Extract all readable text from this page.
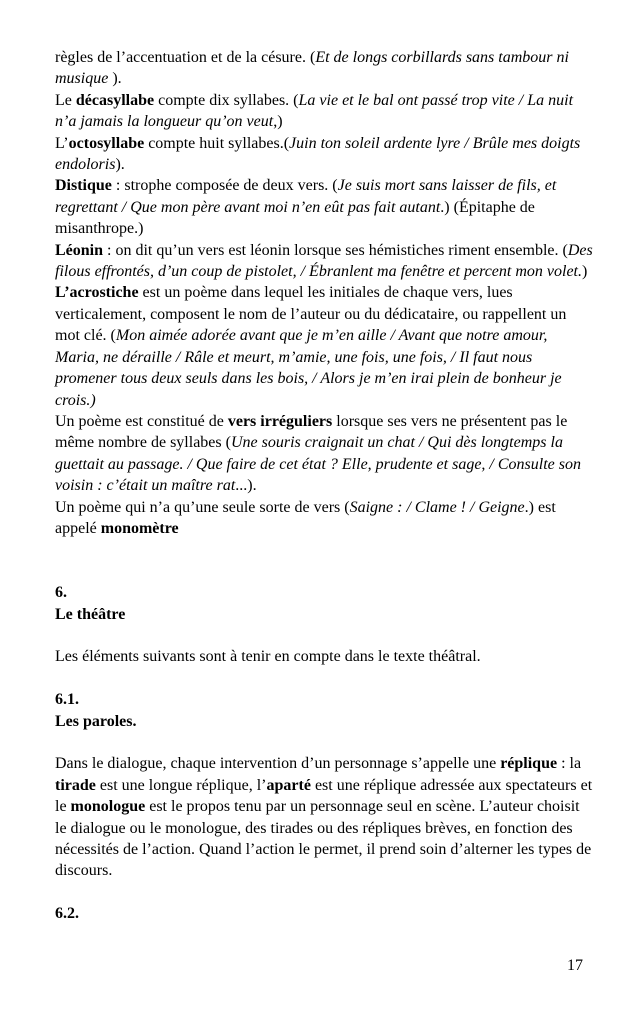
règles de l’accentuation et de la césure. (Et de longs corbillards sans tambour ni musique ).

Le décasyllabe compte dix syllabes. (La vie et le bal ont passé trop vite / La nuit n’a jamais la longueur qu’on veut,)

L’octosyllabe compte huit syllabes.(Juin ton soleil ardente lyre / Brûle mes doigts endoloris).

Distique : strophe composée de deux vers. (Je suis mort sans laisser de fils, et regrettant / Que mon père avant moi n’en eût pas fait autant.) (Épitaphe de misanthrope.)

Léonin : on dit qu’un vers est léonin lorsque ses hémistiches riment ensemble. (Des filous effrontés, d’un coup de pistolet, / Ébranlent ma fenêtre et percent mon volet.)

L’acrostiche est un poème dans lequel les initiales de chaque vers, lues verticalement, composent le nom de l’auteur ou du dédicataire, ou rappellent un mot clé. (Mon aimée adorée avant que je m’en aille / Avant que notre amour, Maria, ne déraille / Râle et meurt, m’amie, une fois, une fois, / Il faut nous promener tous deux seuls dans les bois, / Alors je m’en irai plein de bonheur je crois.)

Un poème est constitué de vers irréguliers lorsque ses vers ne présentent pas le même nombre de syllabes (Une souris craignait un chat / Qui dès longtemps la guettait au passage. / Que faire de cet état ? Elle, prudente et sage, / Consulte son voisin : c’était un maître rat...).

Un poème qui n’a qu’une seule sorte de vers (Saigne : / Clame ! / Geigne.) est appelé monomètre

6.

Le théâtre

Les éléments suivants sont à tenir en compte dans le texte théâtral.

6.1.

Les paroles.

Dans le dialogue, chaque intervention d’un personnage s’appelle une réplique : la tirade est une longue réplique, l’aparté est une réplique adressée aux spectateurs et le monologue est le propos tenu par un personnage seul en scène. L’auteur choisit le dialogue ou le monologue, des tirades ou des répliques brèves, en fonction des nécessités de l’action. Quand l’action le permet, il prend soin d’alterner les types de discours.

6.2.

17
